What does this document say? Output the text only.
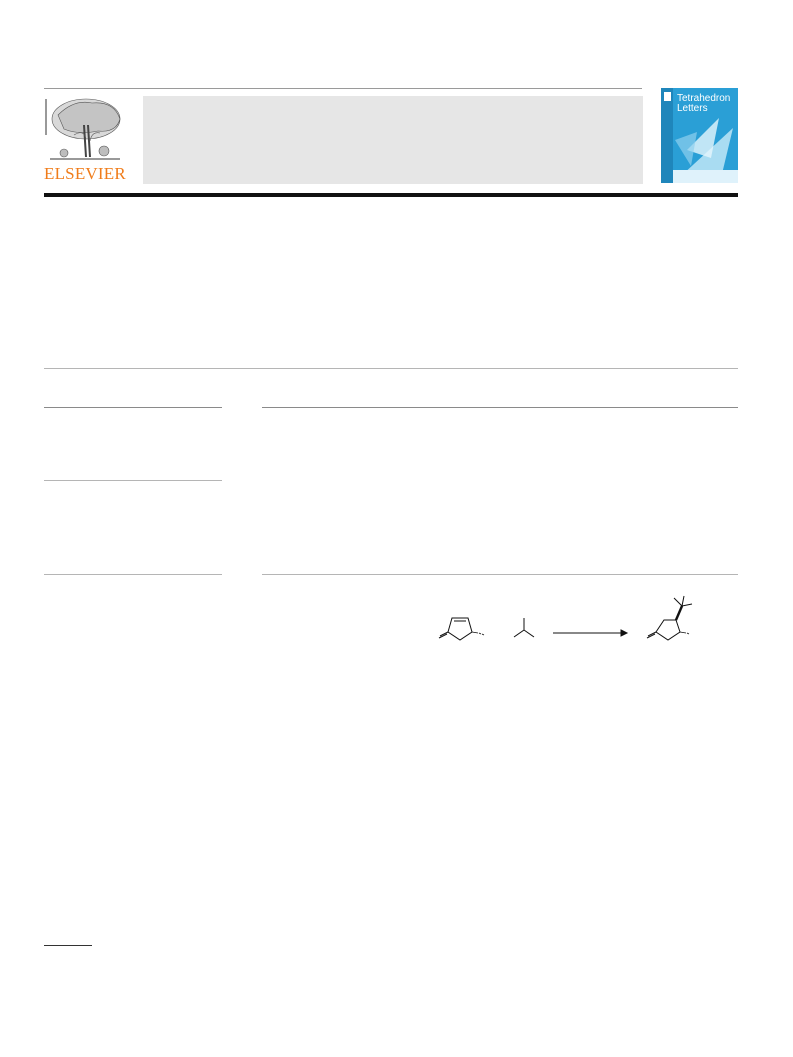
ELSEVIER
Tetrahedron Letters
